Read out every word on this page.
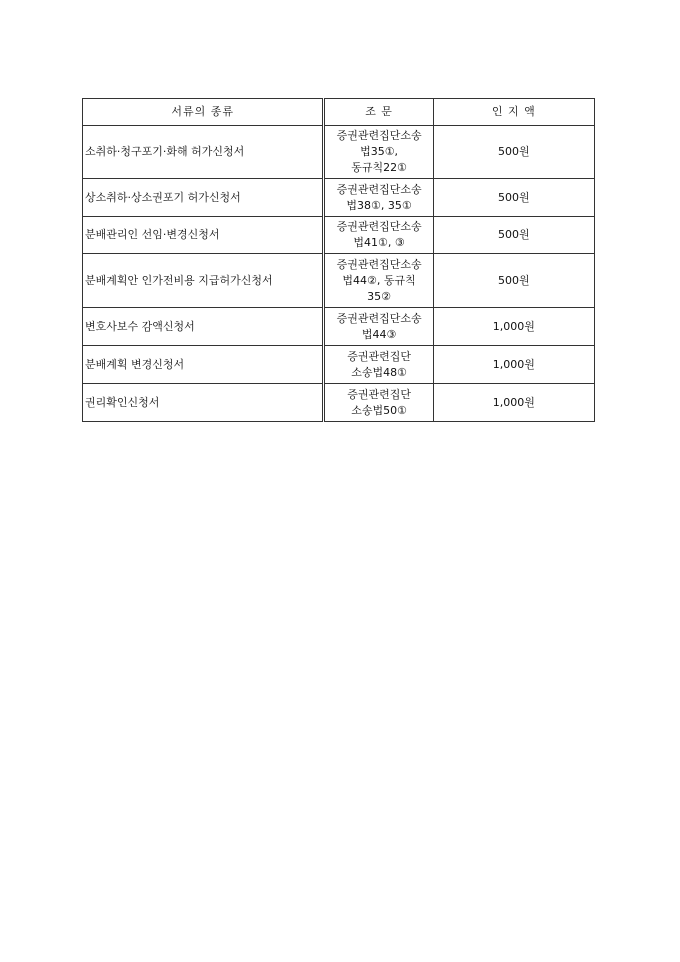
서류의 종류	조 문	인 지 액
소취하·청구포기·화해 허가신청서	증권관련집단소송
법35①,
동규칙22①	500원
상소취하·상소권포기 허가신청서	증권관련집단소송
법38①, 35①	500원
분배관리인 선임·변경신청서	증권관련집단소송
법41①, ③	500원
분배계획안 인가전비용 지급허가신청서	증권관련집단소송
법44②, 동규칙
35②	500원
변호사보수 감액신청서	증권관련집단소송
법44③	1,000원
분배계획 변경신청서	증권관련집단
소송법48①	1,000원
권리확인신청서	증권관련집단
소송법50①	1,000원
